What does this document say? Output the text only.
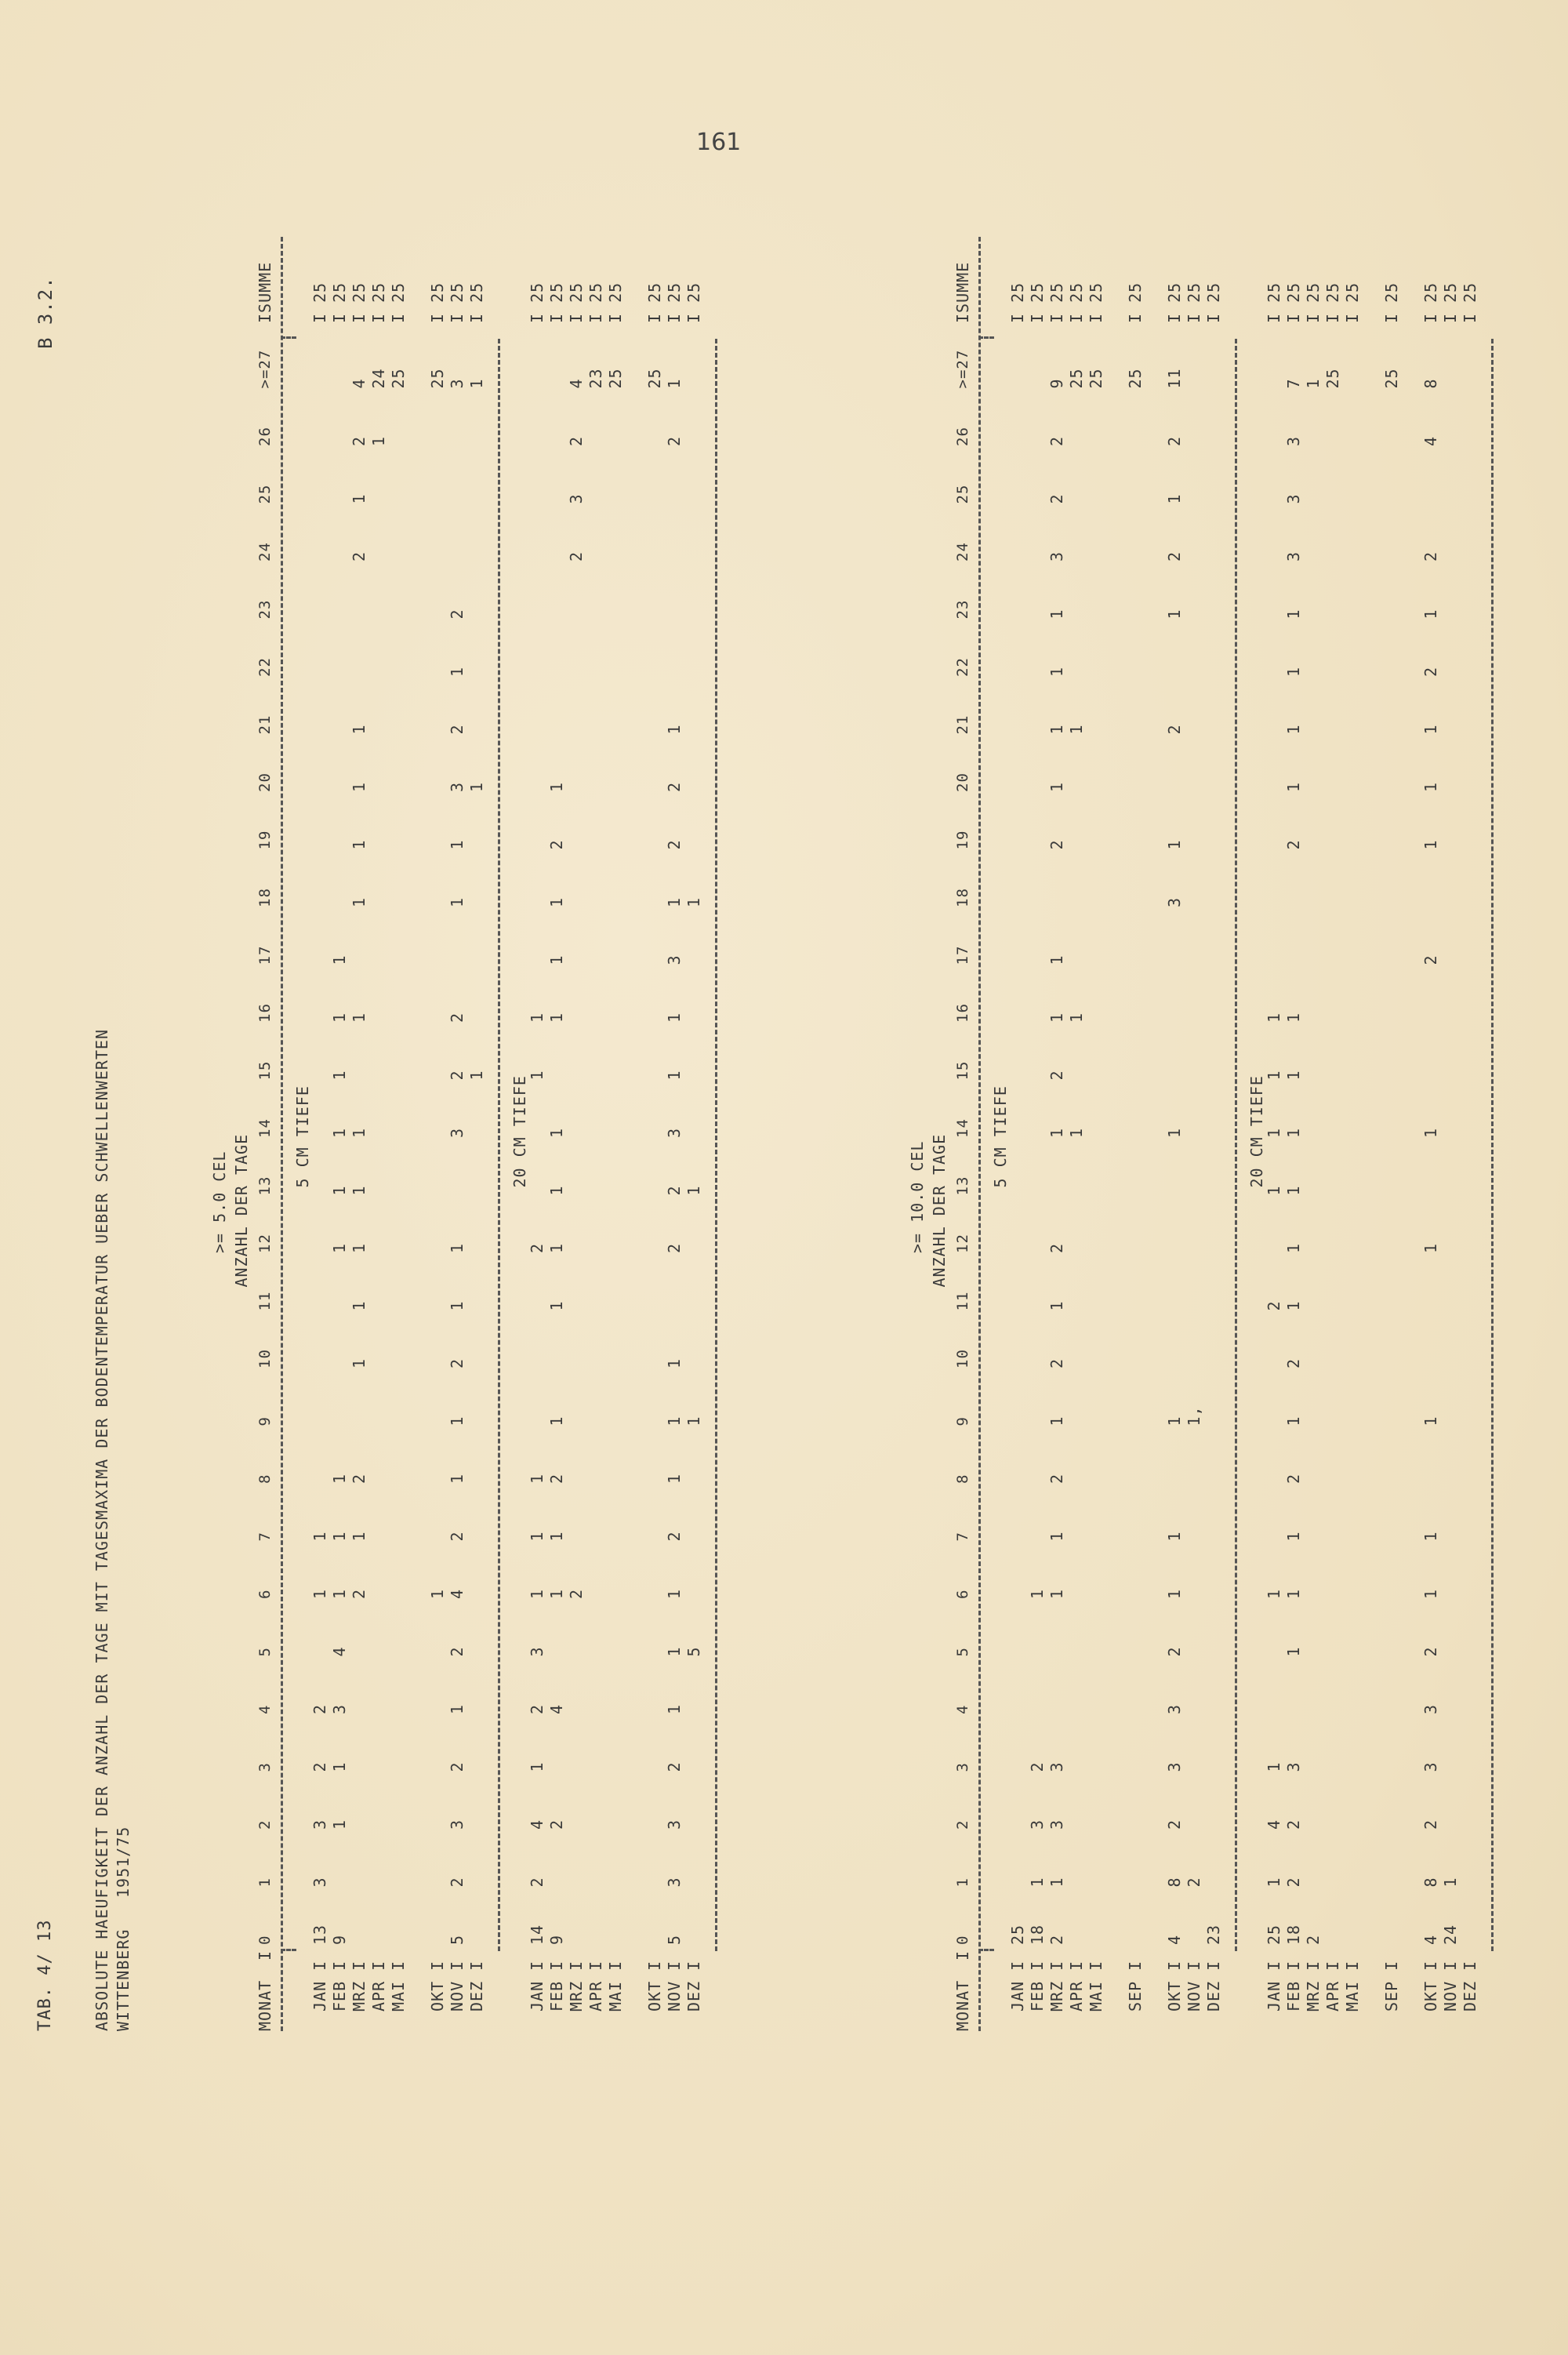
161
TAB. 4/ 13
B 3.2.
ABSOLUTE HAEUFIGKEIT DER ANZAHL DER TAGE MIT TAGESMAXIMA DER BODENTEMPERATUR UEBER SCHWELLENWERTEN WITTENBERG
1951/75
>= 5.0 CEL ANZAHL DER TAGE
MONAT
I
0
1
2
3
4
5
6
7
8
9
10
11
12
13
14
15
16
17
18
19
20
21
22
23
24
25
26
>=27
ISUMME
5 CM TIEFE
JAN I
13
3
3
2
2
1
1
I 25
FEB I
9
1
1
3
4
1
1
1
1
1
1
1
1
1
I 25
MRZ I
2
1
2
1
1
1
1
1
1
1
1
1
1
2
1
2
4
I 25
APR I
1
24
I 25
MAI I
25
I 25
OKT I
1
25
I 25
NOV I
5
2
3
2
1
2
4
2
1
1
2
1
1
3
2
2
1
1
3
2
1
2
3
I 25
DEZ I
1
1
1
I 25
20 CM TIEFE
JAN I
14
2
4
1
2
3
1
1
1
2
1
1
I 25
FEB I
9
2
4
1
1
2
1
1
1
1
1
1
1
1
2
1
I 25
MRZ I
2
2
3
2
4
I 25
APR I
23
I 25
MAI I
25
I 25
OKT I
25
I 25
NOV I
5
3
3
2
1
1
1
2
1
1
1
2
2
3
1
1
3
1
2
2
1
2
1
I 25
DEZ I
5
1
1
1
I 25
>= 10.0 CEL ANZAHL DER TAGE
MONAT
I
0
1
2
3
4
5
6
7
8
9
10
11
12
13
14
15
16
17
18
19
20
21
22
23
24
25
26
>=27
ISUMME
5 CM TIEFE
JAN I
25
I 25
FEB I
18
1
3
2
1
I 25
MRZ I
2
1
3
3
1
1
2
1
2
1
2
1
2
1
1
2
1
1
1
1
3
2
2
9
I 25
APR I
1
1
1
25
I 25
MAI I
25
I 25
SEP I
25
I 25
OKT I
4
8
2
3
3
2
1
1
1
1
3
1
2
1
2
1
2
11
I 25
NOV I
2
1,
I 25
DEZ I
23
I 25
20 CM TIEFE
JAN I
25
1
4
1
1
2
1
1
1
1
I 25
FEB I
18
2
2
3
1
1
1
2
1
2
1
1
1
1
1
1
2
1
1
1
1
3
3
3
7
I 25
MRZ I
2
1
I 25
APR I
25
I 25
MAI I
I 25
SEP I
25
I 25
OKT I
4
8
2
3
3
2
1
1
1
1
1
2
1
1
1
2
1
2
4
8
I 25
NOV I
24
1
I 25
DEZ I
I 25
